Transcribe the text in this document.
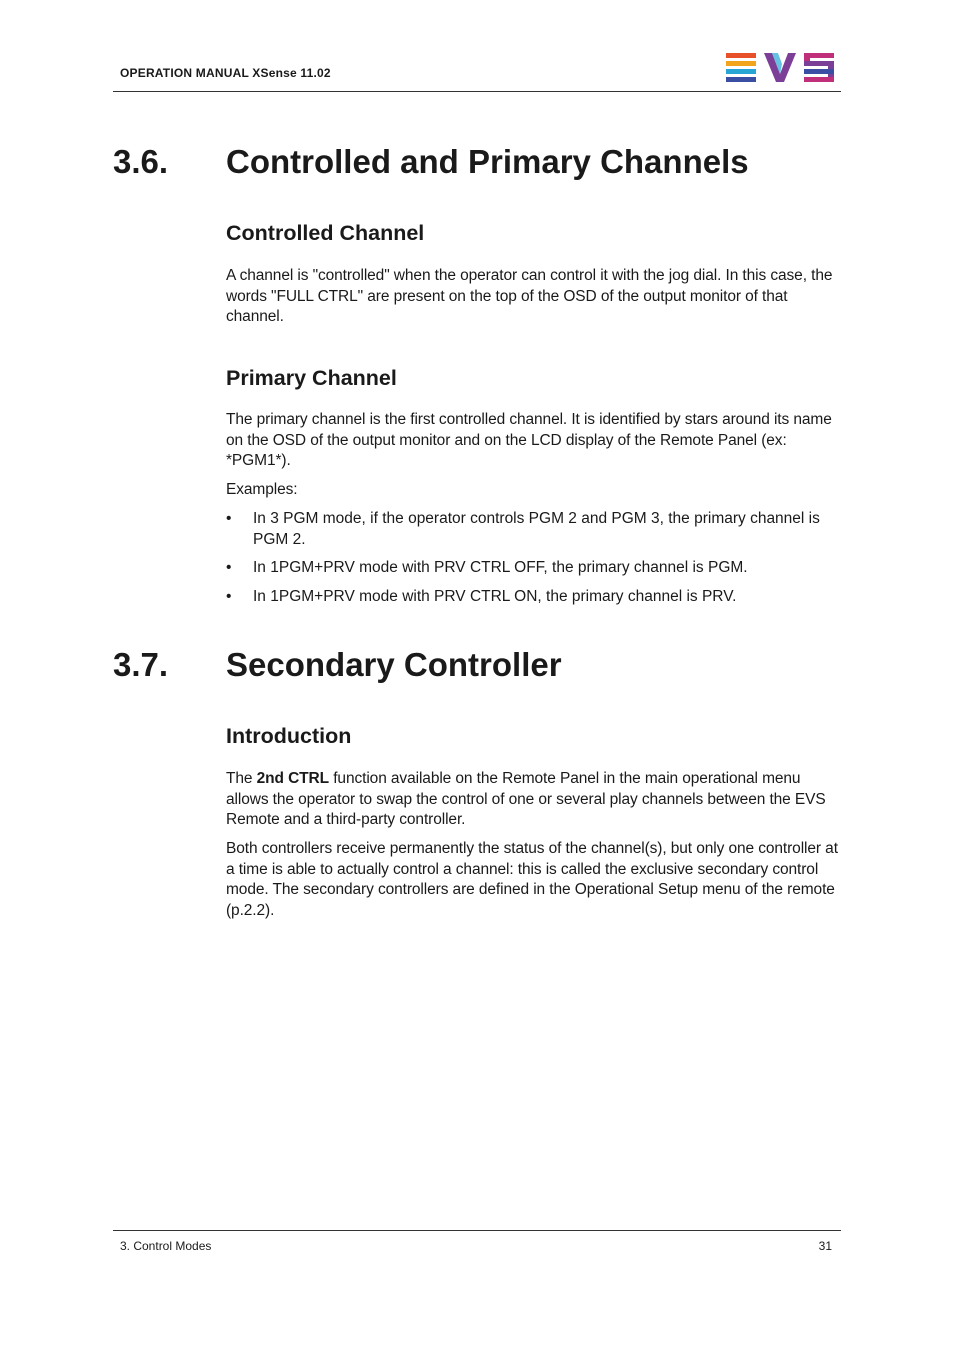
OPERATION MANUAL XSense 11.02
3.6. Controlled and Primary Channels
Controlled Channel

A channel is "controlled" when the operator can control it with the jog dial. In this case, the words "FULL CTRL" are present on the top of the OSD of the output monitor of that channel.

Primary Channel

The primary channel is the first controlled channel. It is identified by stars around its name on the OSD of the output monitor and on the LCD display of the Remote Panel (ex: *PGM1*).

Examples:

• In 3 PGM mode, if the operator controls PGM 2 and PGM 3, the primary channel is PGM 2.
• In 1PGM+PRV mode with PRV CTRL OFF, the primary channel is PGM.
• In 1PGM+PRV mode with PRV CTRL ON, the primary channel is PRV.
3.7. Secondary Controller
Introduction

The 2nd CTRL function available on the Remote Panel in the main operational menu allows the operator to swap the control of one or several play channels between the EVS Remote and a third-party controller.

Both controllers receive permanently the status of the channel(s), but only one controller at a time is able to actually control a channel: this is called the exclusive secondary control mode. The secondary controllers are defined in the Operational Setup menu of the remote (p.2.2).

3. Control Modes	31
